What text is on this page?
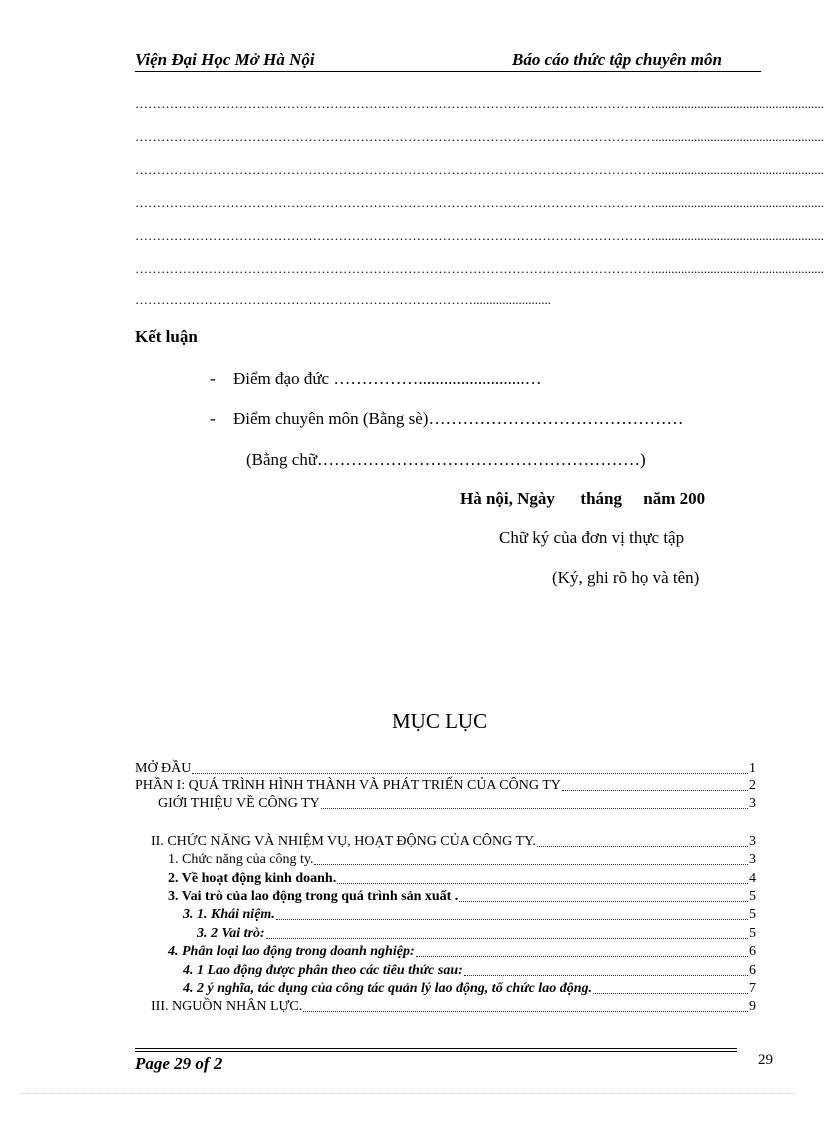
Viện Đại Học Mở Hà Nội	Báo cáo thức tập chuyên môn
…………………………………………………………………………………………………………....................................................
…………………………………………………………………………………………………………....................................................
…………………………………………………………………………………………………………....................................................
…………………………………………………………………………………………………………....................................................
…………………………………………………………………………………………………………....................................................
…………………………………………………………………………………………………………....................................................
……………………………………………………………………........................
Kết luận
- Điểm đạo đức …………….........................…
- Điểm chuyên môn (Bằng sè)………………………………………
(Bằng chữ…………………………………………………)
Hà nội, Ngày      tháng     năm 200
Chữ ký của đơn vị thực tập
(Ký, ghi rõ họ và tên)
MỤC LỤC
MỞ ĐẦU	1
PHẦN I: QUÁ TRÌNH HÌNH THÀNH VÀ PHÁT TRIỂN CỦA CÔNG TY	2
GIỚI THIỆU VỀ CÔNG TY	3
II. CHỨC NĂNG VÀ NHIỆM VỤ, HOẠT ĐỘNG CỦA CÔNG TY.	3
1. Chức năng của công ty.	3
2. Về hoạt động kinh doanh.	4
3. Vai trò của lao động trong quá trình sản xuất .	5
3. 1. Khái niệm.	5
3. 2 Vai trò:	5
4. Phân loại lao động trong doanh nghiệp:	6
4. 1 Lao động được phân theo các tiêu thức sau:	6
4. 2 ý nghĩa, tác dụng của công tác quản lý lao động, tổ chức lao động.	7
III. NGUỒN NHÂN LỰC.	9
Page 29 of 2	29
